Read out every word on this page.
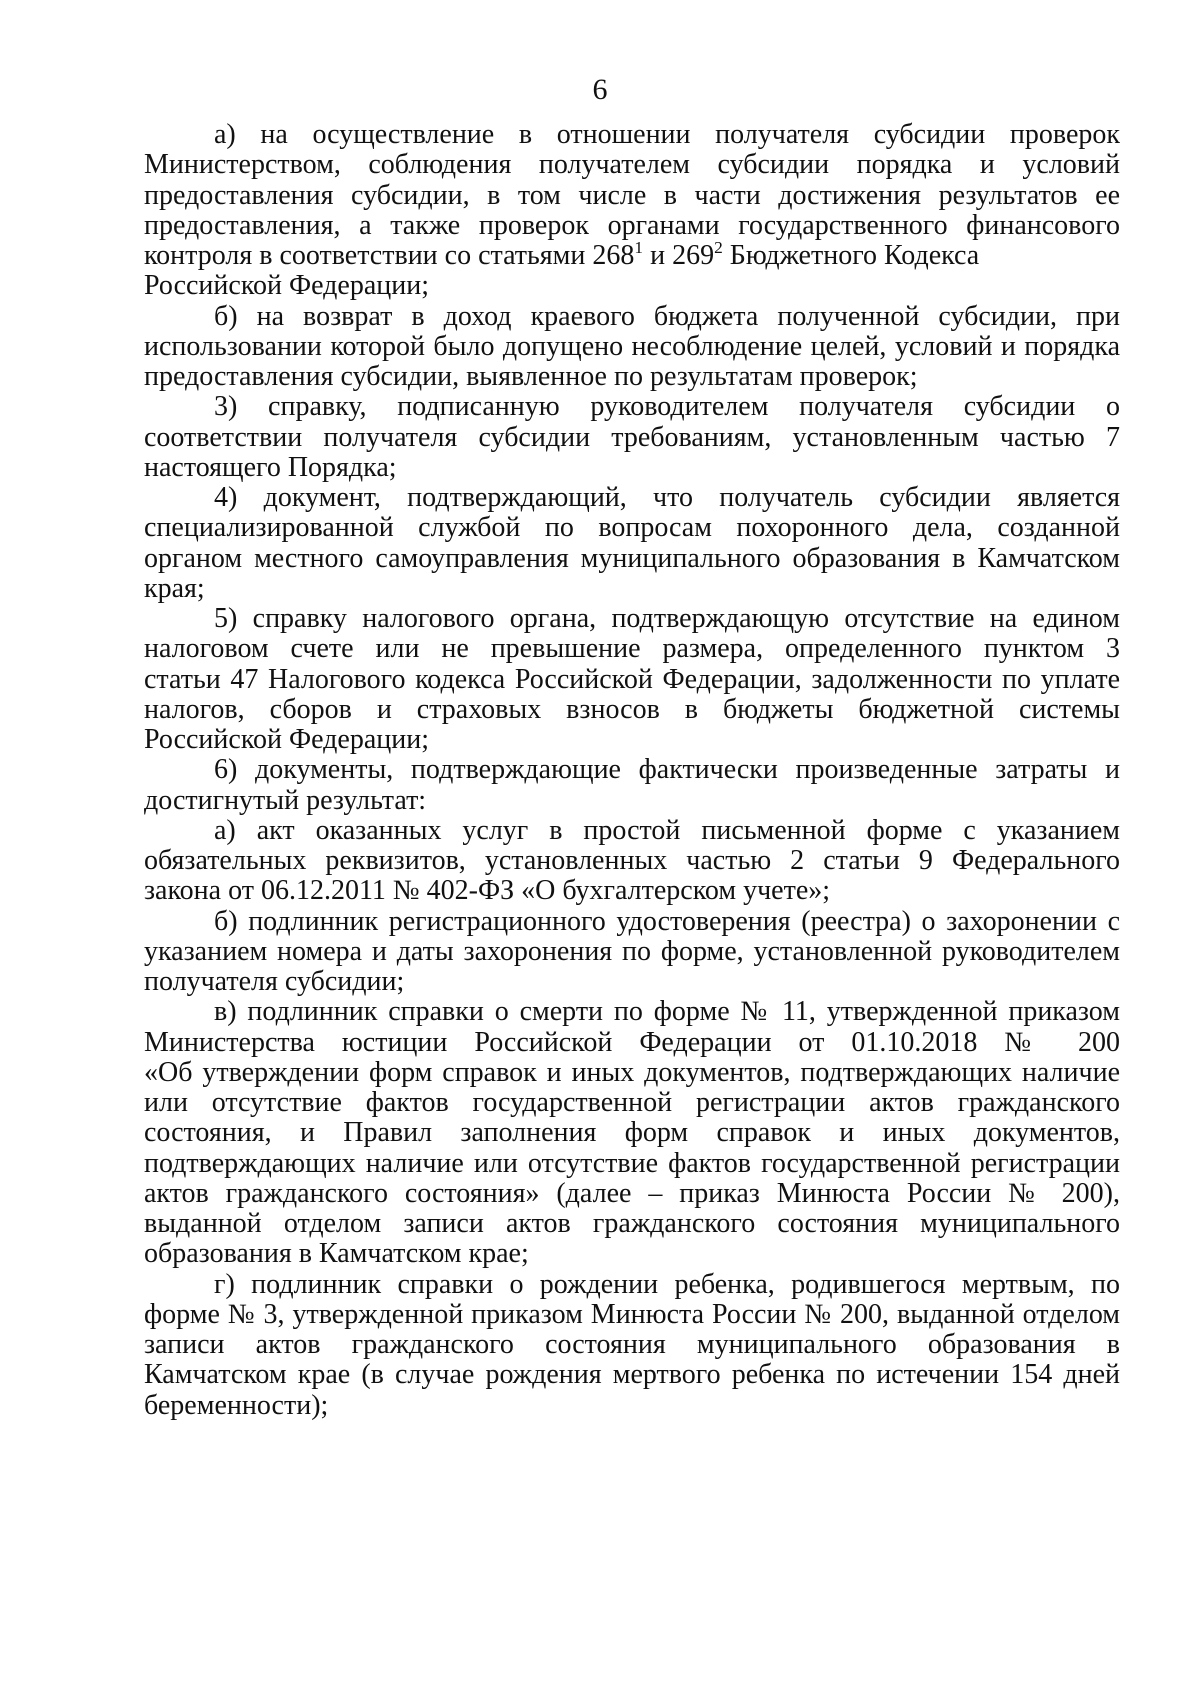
6
а) на осуществление в отношении получателя субсидии проверок
Министерством, соблюдения получателем субсидии порядка и условий
предоставления субсидии, в том числе в части достижения результатов ее
предоставления, а также проверок органами государственного финансового
контроля в соответствии со статьями $268^1$ и $269^2$ Бюджетного Кодекса
Российской Федерации;
б) на возврат в доход краевого бюджета полученной субсидии, при
использовании которой было допущено несоблюдение целей, условий и порядка
предоставления субсидии, выявленное по результатам проверок;
3) справку, подписанную руководителем получателя субсидии о
соответствии получателя субсидии требованиям, установленным частью 7
настоящего Порядка;
4) документ, подтверждающий, что получатель субсидии является
специализированной службой по вопросам похоронного дела, созданной
органом местного самоуправления муниципального образования в Камчатском
края;
5) справку налогового органа, подтверждающую отсутствие на едином
налоговом счете или не превышение размера, определенного пунктом 3
статьи 47 Налогового кодекса Российской Федерации, задолженности по уплате
налогов, сборов и страховых взносов в бюджеты бюджетной системы
Российской Федерации;
6) документы, подтверждающие фактически произведенные затраты и
достигнутый результат:
а) акт оказанных услуг в простой письменной форме с указанием
обязательных реквизитов, установленных частью 2 статьи 9 Федерального
закона от 06.12.2011 № 402-ФЗ «О бухгалтерском учете»;
б) подлинник регистрационного удостоверения (реестра) о захоронении с
указанием номера и даты захоронения по форме, установленной руководителем
получателя субсидии;
в) подлинник справки о смерти по форме № 11, утвержденной приказом
Министерства юстиции Российской Федерации от 01.10.2018 № 200
«Об утверждении форм справок и иных документов, подтверждающих наличие
или отсутствие фактов государственной регистрации актов гражданского
состояния, и Правил заполнения форм справок и иных документов,
подтверждающих наличие или отсутствие фактов государственной регистрации
актов гражданского состояния» (далее – приказ Минюста России № 200),
выданной отделом записи актов гражданского состояния муниципального
образования в Камчатском крае;
г) подлинник справки о рождении ребенка, родившегося мертвым, по
форме № 3, утвержденной приказом Минюста России № 200, выданной отделом
записи актов гражданского состояния муниципального образования в
Камчатском крае (в случае рождения мертвого ребенка по истечении 154 дней
беременности);
